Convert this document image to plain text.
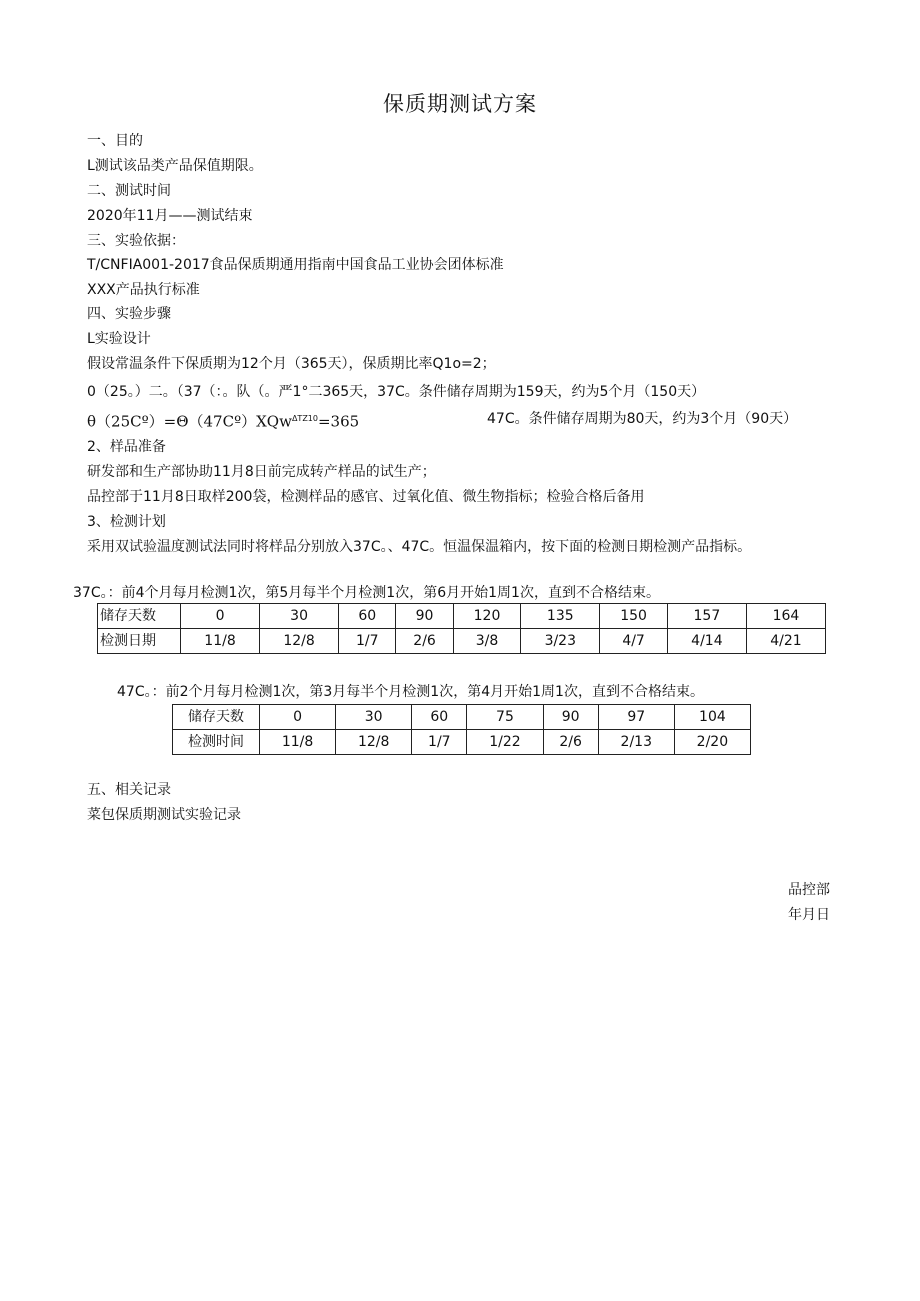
保质期测试方案
一、目的
L测试该品类产品保值期限。
二、测试时间
2020年11月——测试结束
三、实验依据：
T/CNFIA001-2017食品保质期通用指南中国食品工业协会团体标准
XXX产品执行标准
四、实验步骤
L实验设计
假设常温条件下保质期为12个月（365天），保质期比率Q1o=2；
0（25。）二。（37（：。队（。严1°二365天，37C。条件储存周期为159天，约为5个月（150天）
θ（25Cº）=Θ（47Cº）XQw$^{\Delta TZ10}$=365	47C。条件储存周期为80天，约为3个月（90天）
2、样品准备
研发部和生产部协助11月8日前完成转产样品的试生产；
品控部于11月8日取样200袋，检测样品的感官、过氧化值、微生物指标；检验合格后备用
3、检测计划
采用双试验温度测试法同时将样品分别放入37C。、47C。恒温保温箱内，按下面的检测日期检测产品指标。
37C。：前4个月每月检测1次，第5月每半个月检测1次，第6月开始1周1次，直到不合格结束。
储存天数	0	30	60	90	120	135	150	157	164
检测日期	11/8	12/8	1/7	2/6	3/8	3/23	4/7	4/14	4/21
47C。：前2个月每月检测1次，第3月每半个月检测1次，第4月开始1周1次，直到不合格结束。
储存天数	0	30	60	75	90	97	104
检测时间	11/8	12/8	1/7	1/22	2/6	2/13	2/20
五、相关记录
菜包保质期测试实验记录
品控部
年月日
